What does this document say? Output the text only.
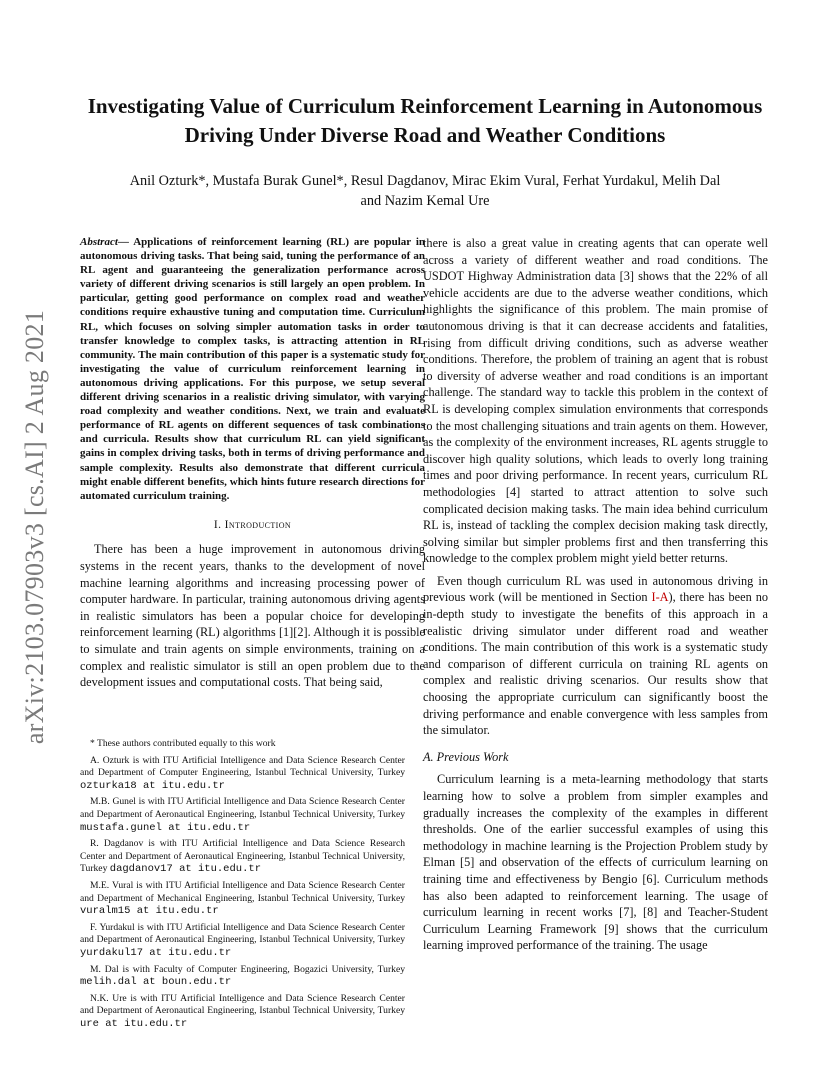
arXiv:2103.07903v3 [cs.AI] 2 Aug 2021
Investigating Value of Curriculum Reinforcement Learning in Autonomous Driving Under Diverse Road and Weather Conditions
Anil Ozturk*, Mustafa Burak Gunel*, Resul Dagdanov, Mirac Ekim Vural, Ferhat Yurdakul, Melih Dal
and Nazim Kemal Ure

Abstract— Applications of reinforcement learning (RL) are popular in autonomous driving tasks. That being said, tuning the performance of an RL agent and guaranteeing the generalization performance across variety of different driving scenarios is still largely an open problem. In particular, getting good performance on complex road and weather conditions require exhaustive tuning and computation time. Curriculum RL, which focuses on solving simpler automation tasks in order to transfer knowledge to complex tasks, is attracting attention in RL community. The main contribution of this paper is a systematic study for investigating the value of curriculum reinforcement learning in autonomous driving applications. For this purpose, we setup several different driving scenarios in a realistic driving simulator, with varying road complexity and weather conditions. Next, we train and evaluate performance of RL agents on different sequences of task combinations and curricula. Results show that curriculum RL can yield significant gains in complex driving tasks, both in terms of driving performance and sample complexity. Results also demonstrate that different curricula might enable different benefits, which hints future research directions for automated curriculum training.

I. Introduction

There has been a huge improvement in autonomous driving systems in the recent years, thanks to the development of novel machine learning algorithms and increasing processing power of computer hardware. In particular, training autonomous driving agents in realistic simulators has been a popular choice for developing reinforcement learning (RL) algorithms [1][2]. Although it is possible to simulate and train agents on simple environments, training on a complex and realistic simulator is still an open problem due to the development issues and computational costs. That being said,

* These authors contributed equally to this work

A. Ozturk is with ITU Artificial Intelligence and Data Science Research Center and Department of Computer Engineering, Istanbul Technical University, Turkey ozturka18 at itu.edu.tr

M.B. Gunel is with ITU Artificial Intelligence and Data Science Research Center and Department of Aeronautical Engineering, Istanbul Technical University, Turkey mustafa.gunel at itu.edu.tr

R. Dagdanov is with ITU Artificial Intelligence and Data Science Research Center and Department of Aeronautical Engineering, Istanbul Technical University, Turkey dagdanov17 at itu.edu.tr

M.E. Vural is with ITU Artificial Intelligence and Data Science Research Center and Department of Mechanical Engineering, Istanbul Technical University, Turkey vuralm15 at itu.edu.tr

F. Yurdakul is with ITU Artificial Intelligence and Data Science Research Center and Department of Aeronautical Engineering, Istanbul Technical University, Turkey yurdakul17 at itu.edu.tr

M. Dal is with Faculty of Computer Engineering, Bogazici University, Turkey melih.dal at boun.edu.tr

N.K. Ure is with ITU Artificial Intelligence and Data Science Research Center and Department of Aeronautical Engineering, Istanbul Technical University, Turkey ure at itu.edu.tr

there is also a great value in creating agents that can operate well across a variety of different weather and road conditions. The USDOT Highway Administration data [3] shows that the 22% of all vehicle accidents are due to the adverse weather conditions, which highlights the significance of this problem. The main promise of autonomous driving is that it can decrease accidents and fatalities, rising from difficult driving conditions, such as adverse weather conditions. Therefore, the problem of training an agent that is robust to diversity of adverse weather and road conditions is an important challenge. The standard way to tackle this problem in the context of RL is developing complex simulation environments that corresponds to the most challenging situations and train agents on them. However, as the complexity of the environment increases, RL agents struggle to discover high quality solutions, which leads to overly long training times and poor driving performance. In recent years, curriculum RL methodologies [4] started to attract attention to solve such complicated decision making tasks. The main idea behind curriculum RL is, instead of tackling the complex decision making task directly, solving similar but simpler problems first and then transferring this knowledge to the complex problem might yield better returns.

Even though curriculum RL was used in autonomous driving in previous work (will be mentioned in Section I-A), there has been no in-depth study to investigate the benefits of this approach in a realistic driving simulator under different road and weather conditions. The main contribution of this work is a systematic study and comparison of different curricula on training RL agents on complex and realistic driving scenarios. Our results show that choosing the appropriate curriculum can significantly boost the driving performance and enable convergence with less samples from the simulator.

A. Previous Work

Curriculum learning is a meta-learning methodology that starts learning how to solve a problem from simpler examples and gradually increases the complexity of the examples in different thresholds. One of the earlier successful examples of using this methodology in machine learning is the Projection Problem study by Elman [5] and observation of the effects of curriculum learning on training time and effectiveness by Bengio [6]. Curriculum methods has also been adapted to reinforcement learning. The usage of curriculum learning in recent works [7], [8] and Teacher-Student Curriculum Learning Framework [9] shows that the curriculum learning improved performance of the training. The usage
